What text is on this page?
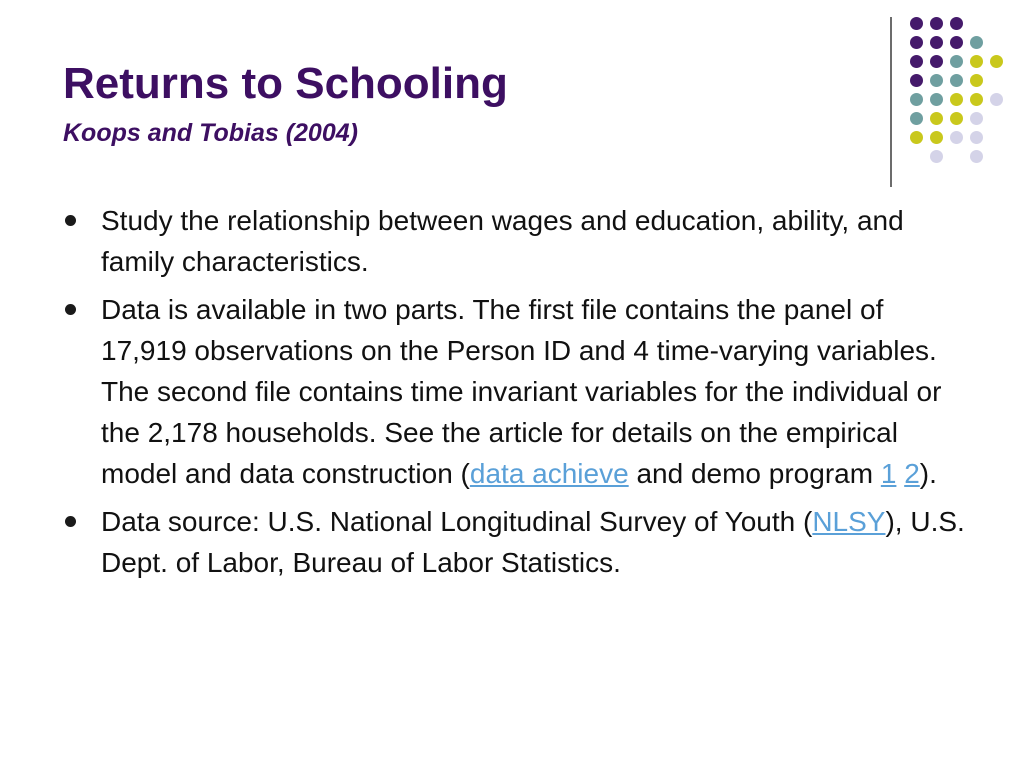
Returns to Schooling
Koops and Tobias (2004)
Study the relationship between wages and education, ability, and family characteristics.
Data is available in two parts. The first file contains the panel of 17,919 observations on the Person ID and 4 time-varying variables. The second file contains time invariant variables for the individual or the 2,178 households. See the article for details on the empirical model and data construction (data achieve and demo program 1 2).
Data source: U.S. National Longitudinal Survey of Youth (NLSY), U.S. Dept. of Labor, Bureau of Labor Statistics.
